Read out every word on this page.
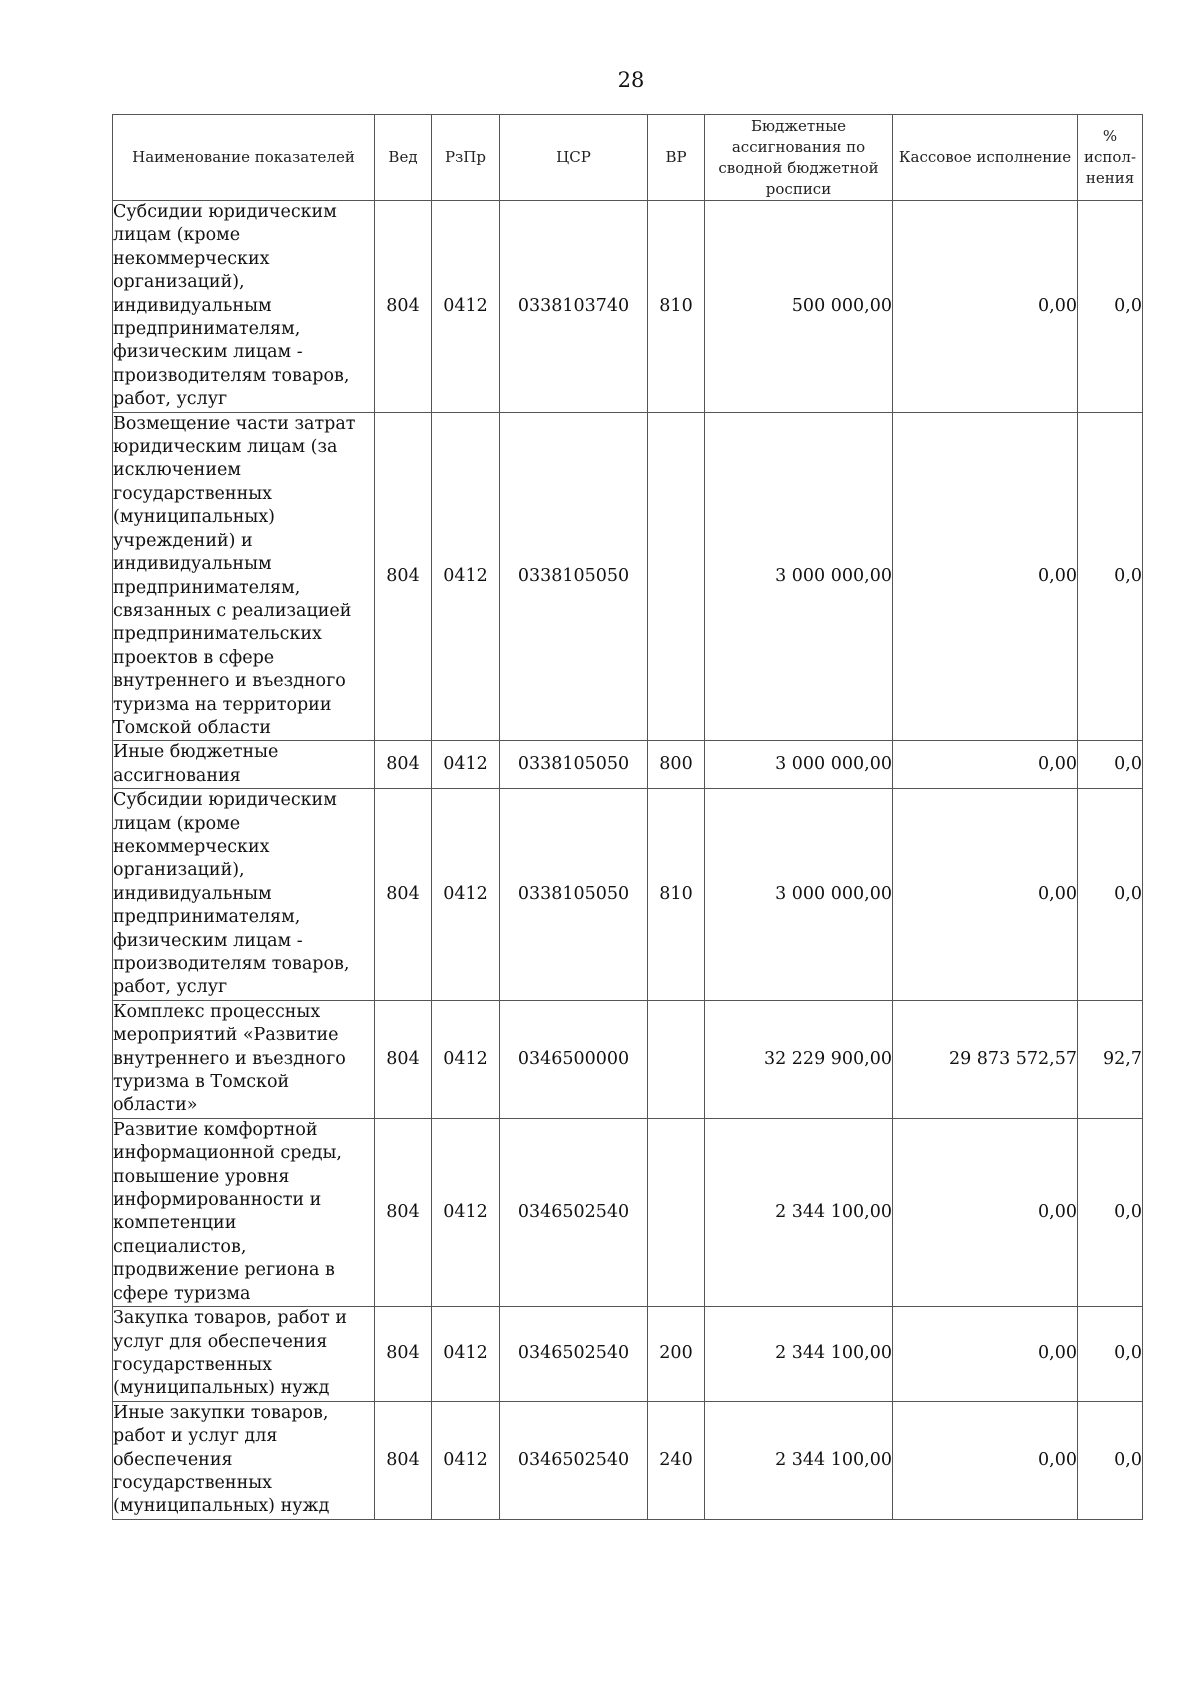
28
Наименование показателей	Вед	РзПр	ЦСР	ВР	Бюджетные ассигнования по сводной бюджетной росписи	Кассовое исполнение	% испол- нения
Субсидии юридическим лицам (кроме некоммерческих организаций), индивидуальным предпринимателям, физическим лицам - производителям товаров, работ, услуг	804	0412	0338103740	810	500 000,00	0,00	0,0
Возмещение части затрат юридическим лицам (за исключением государственных (муниципальных) учреждений) и индивидуальным предпринимателям, связанных с реализацией предпринимательских проектов в сфере внутреннего и въездного туризма на территории Томской области	804	0412	0338105050		3 000 000,00	0,00	0,0
Иные бюджетные ассигнования	804	0412	0338105050	800	3 000 000,00	0,00	0,0
Субсидии юридическим лицам (кроме некоммерческих организаций), индивидуальным предпринимателям, физическим лицам - производителям товаров, работ, услуг	804	0412	0338105050	810	3 000 000,00	0,00	0,0
Комплекс процессных мероприятий «Развитие внутреннего и въездного туризма в Томской области»	804	0412	0346500000		32 229 900,00	29 873 572,57	92,7
Развитие комфортной информационной среды, повышение уровня информированности и компетенции специалистов, продвижение региона в сфере туризма	804	0412	0346502540		2 344 100,00	0,00	0,0
Закупка товаров, работ и услуг для обеспечения государственных (муниципальных) нужд	804	0412	0346502540	200	2 344 100,00	0,00	0,0
Иные закупки товаров, работ и услуг для обеспечения государственных (муниципальных) нужд	804	0412	0346502540	240	2 344 100,00	0,00	0,0
